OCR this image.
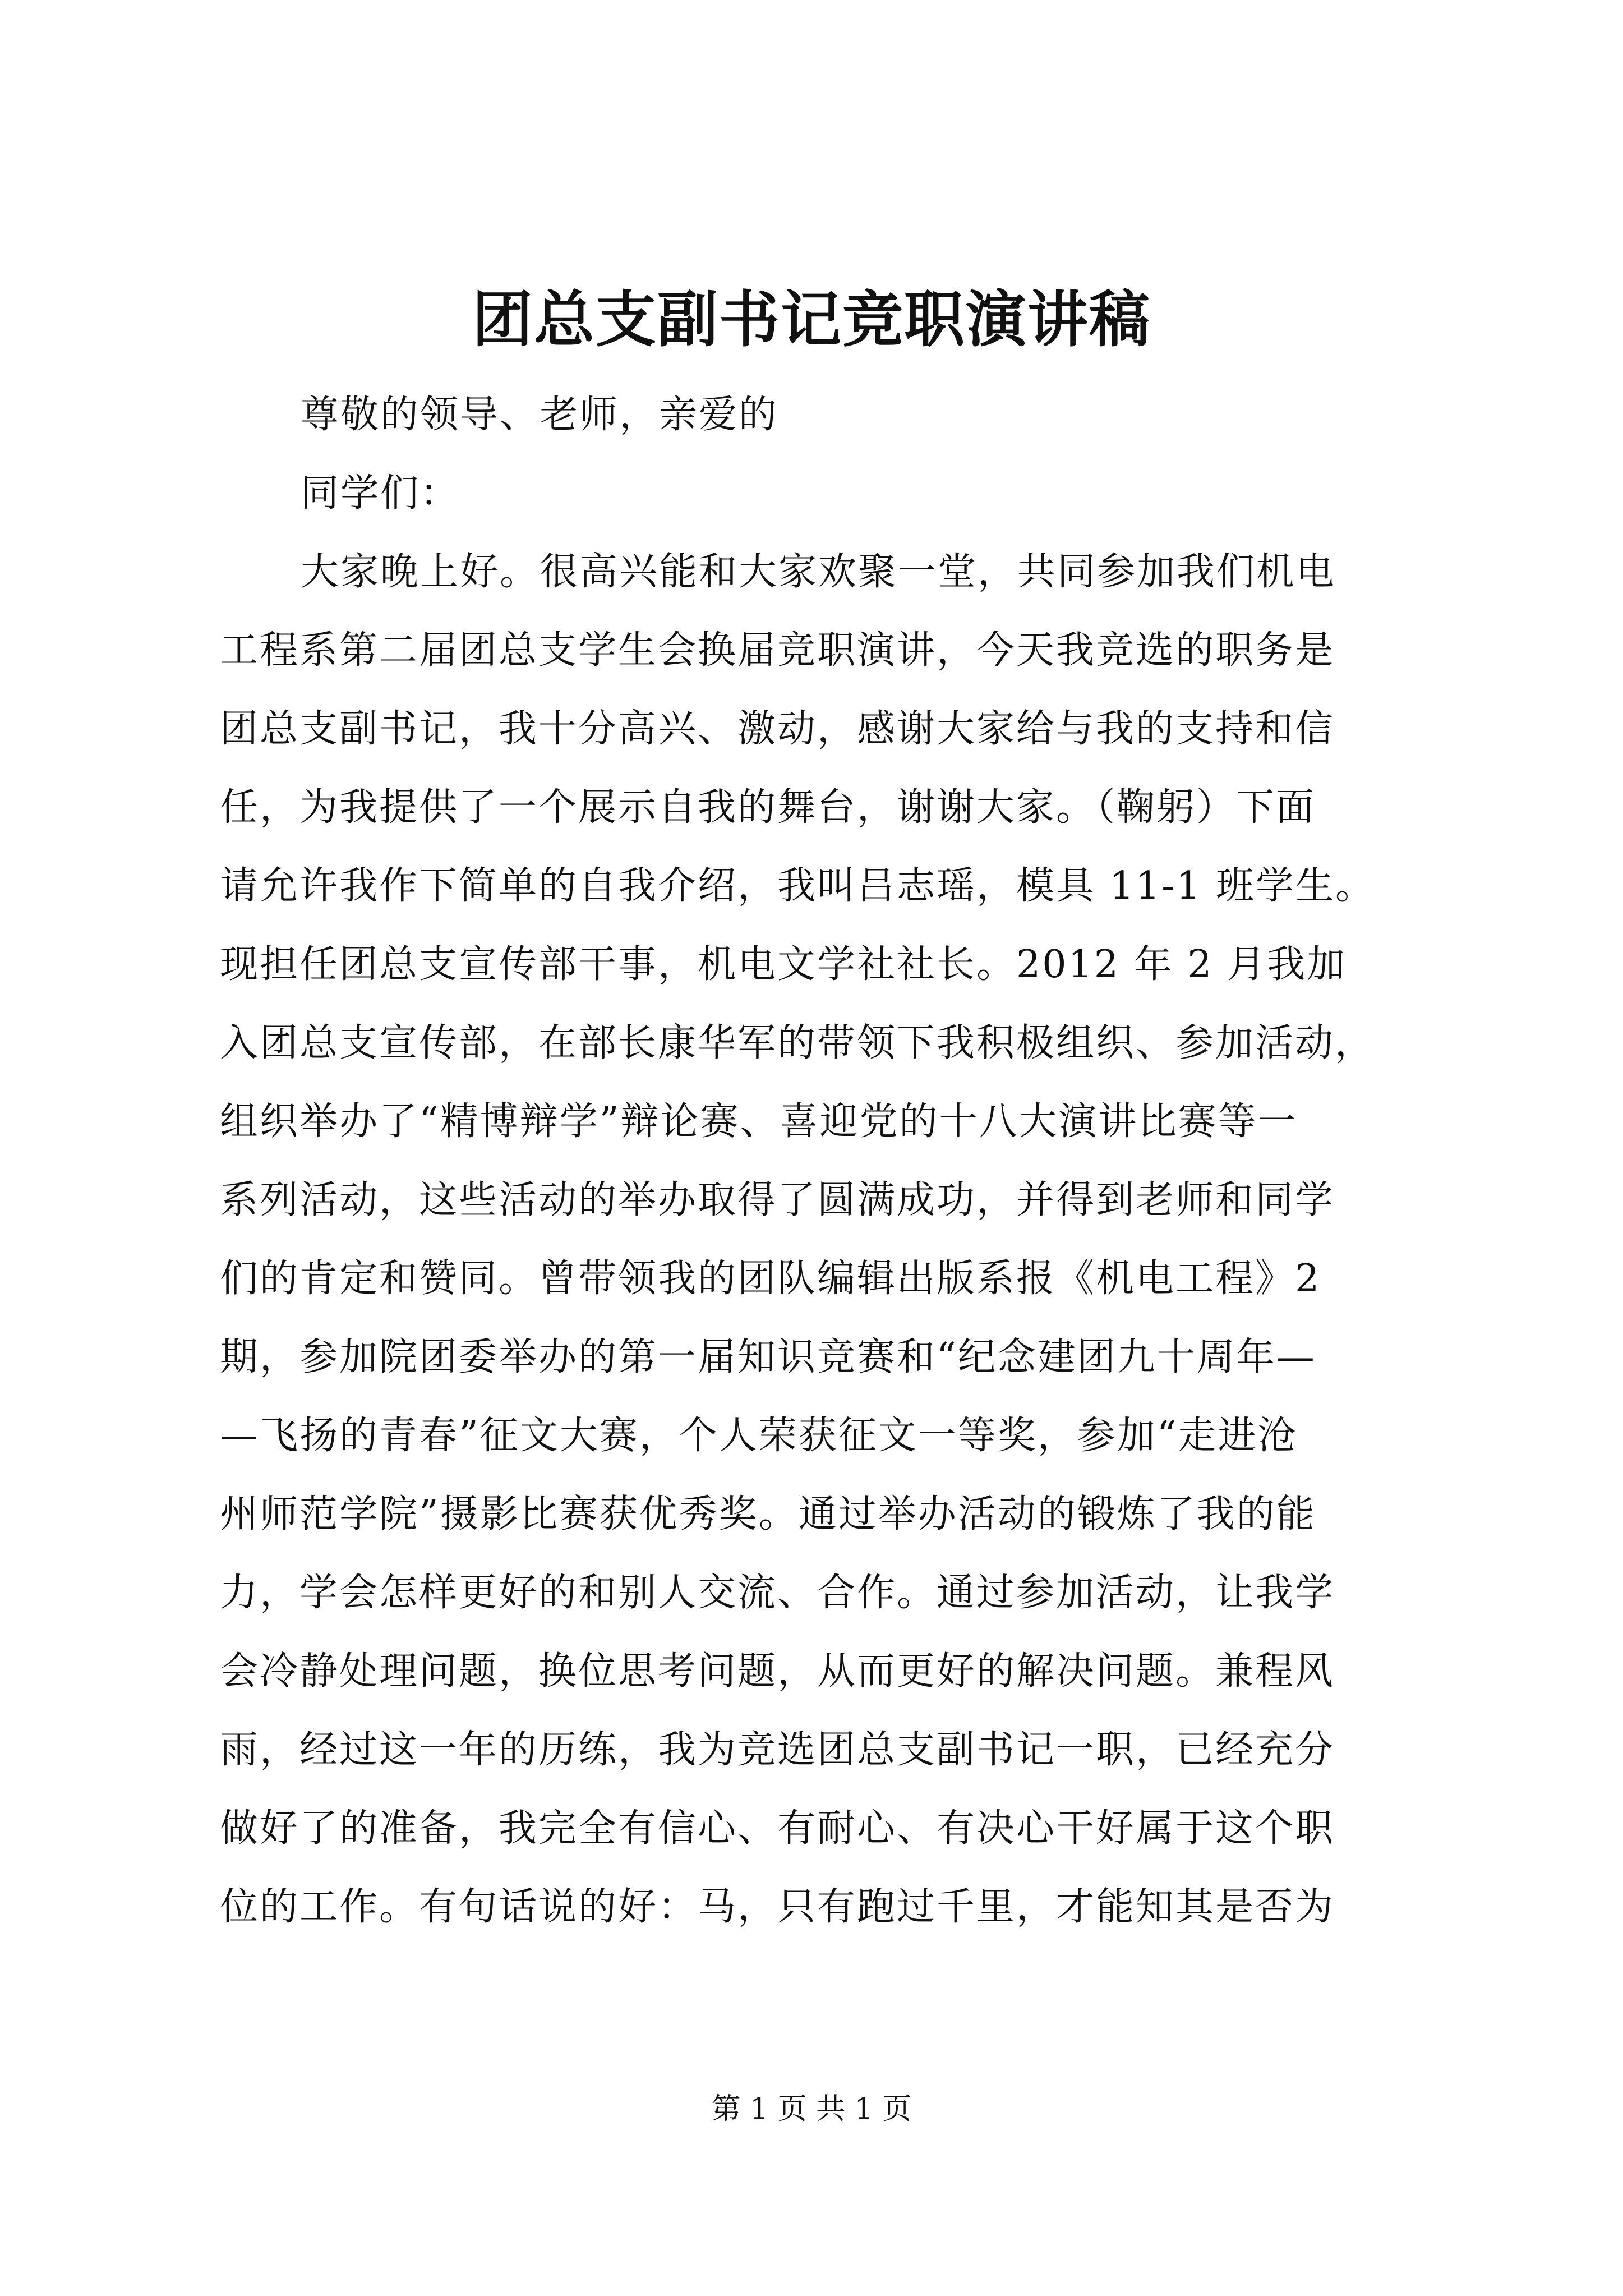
团总支副书记竞职演讲稿
尊敬的领导、老师，亲爱的
同学们：
大家晚上好。很高兴能和大家欢聚一堂，共同参加我们机电
工程系第二届团总支学生会换届竞职演讲，今天我竞选的职务是
团总支副书记，我十分高兴、激动，感谢大家给与我的支持和信
任，为我提供了一个展示自我的舞台，谢谢大家。（鞠躬）下面
请允许我作下简单的自我介绍，我叫吕志瑶，模具 11-1 班学生。
现担任团总支宣传部干事，机电文学社社长。2012 年 2 月我加
入团总支宣传部，在部长康华军的带领下我积极组织、参加活动，
组织举办了“精博辩学”辩论赛、喜迎党的十八大演讲比赛等一
系列活动，这些活动的举办取得了圆满成功，并得到老师和同学
们的肯定和赞同。曾带领我的团队编辑出版系报《机电工程》2
期，参加院团委举办的第一届知识竞赛和“纪念建团九十周年—
—飞扬的青春”征文大赛，个人荣获征文一等奖，参加“走进沧
州师范学院”摄影比赛获优秀奖。通过举办活动的锻炼了我的能
力，学会怎样更好的和别人交流、合作。通过参加活动，让我学
会冷静处理问题，换位思考问题，从而更好的解决问题。兼程风
雨，经过这一年的历练，我为竞选团总支副书记一职，已经充分
做好了的准备，我完全有信心、有耐心、有决心干好属于这个职
位的工作。有句话说的好：马，只有跑过千里，才能知其是否为
第 1 页 共 1 页
